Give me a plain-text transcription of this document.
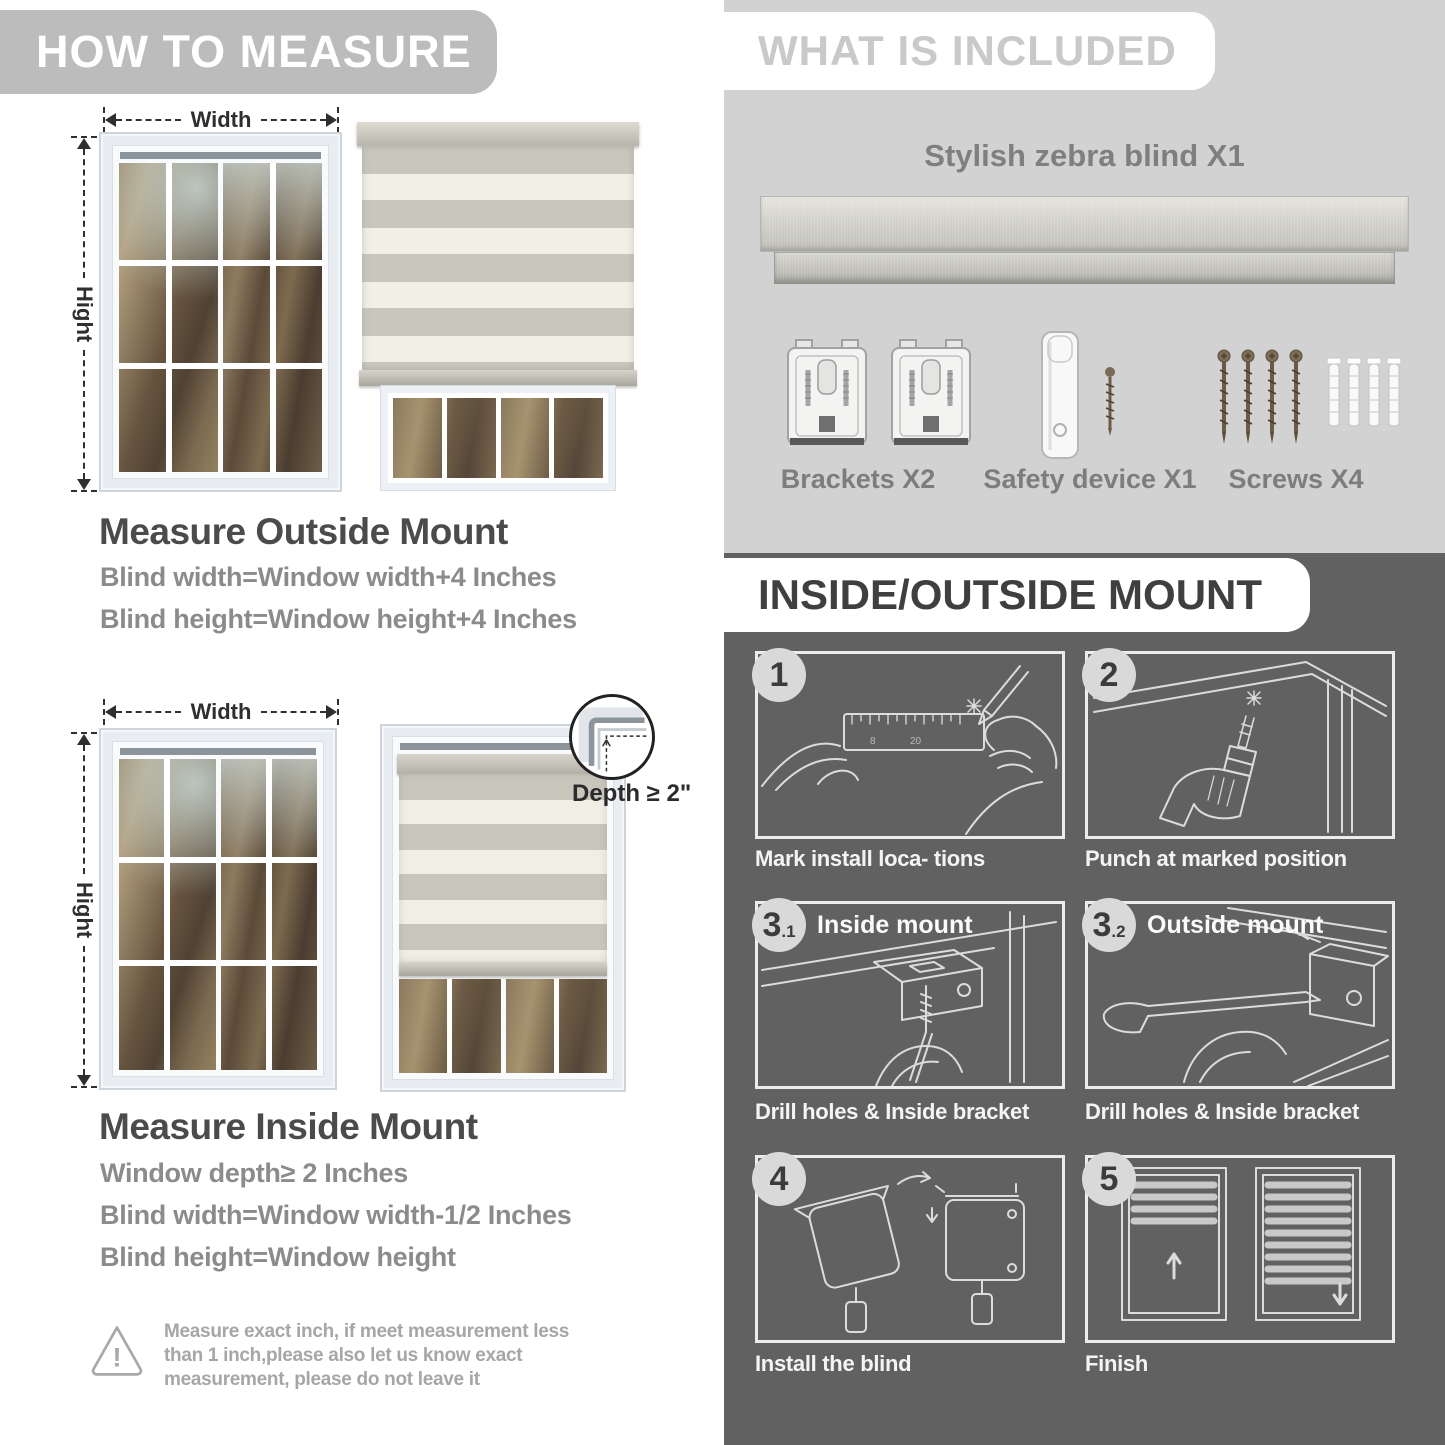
HOW TO MEASURE
Width
Hight
Measure Outside Mount
Blind width=Window width+4 Inches
Blind height=Window height+4 Inches
Width
Hight
Depth ≥ 2"
Measure Inside Mount
Window depth≥ 2 Inches
Blind width=Window width-1/2 Inches
Blind height=Window height
!

Measure exact inch, if meet measurement less

than 1 inch,please also let us know exact

measurement, please do not leave it

WHAT IS INCLUDED
Stylish zebra blind X1
Brackets X2 Safety device X1 Screws X4
INSIDE/OUTSIDE MOUNT
8	20
Mark install loca- tions
1
Punch at marked position
2
Drill holes & Inside bracket
3 .1 Inside mount
Drill holes & Inside bracket
3 .2 Outside mount
Install the blind
4
Finish
5
